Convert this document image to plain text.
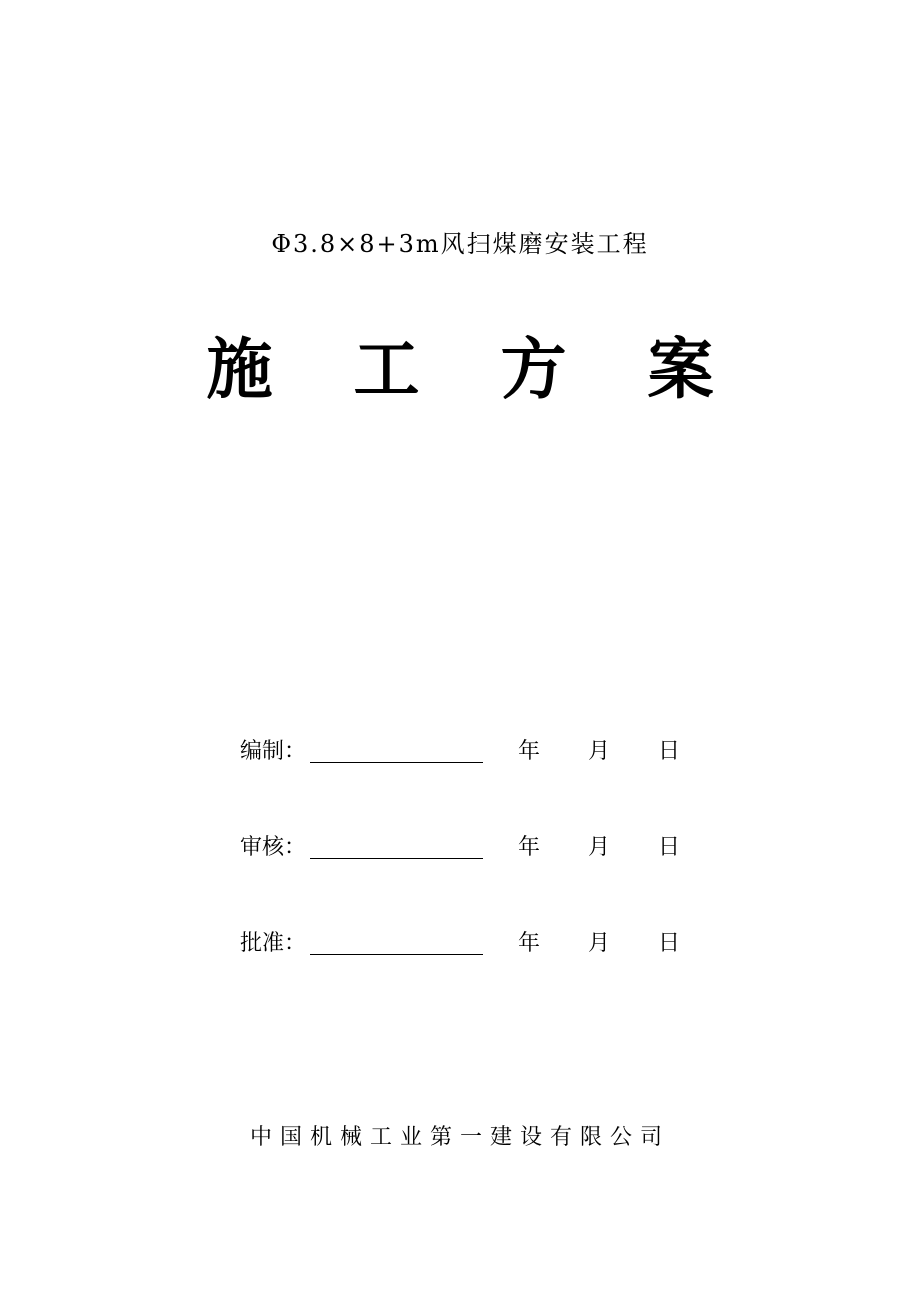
Φ3.8×8+3m风扫煤磨安装工程
施 工 方 案
编制：	年 月 日
审核：	年 月 日
批准：	年 月 日
中国机械工业第一建设有限公司
